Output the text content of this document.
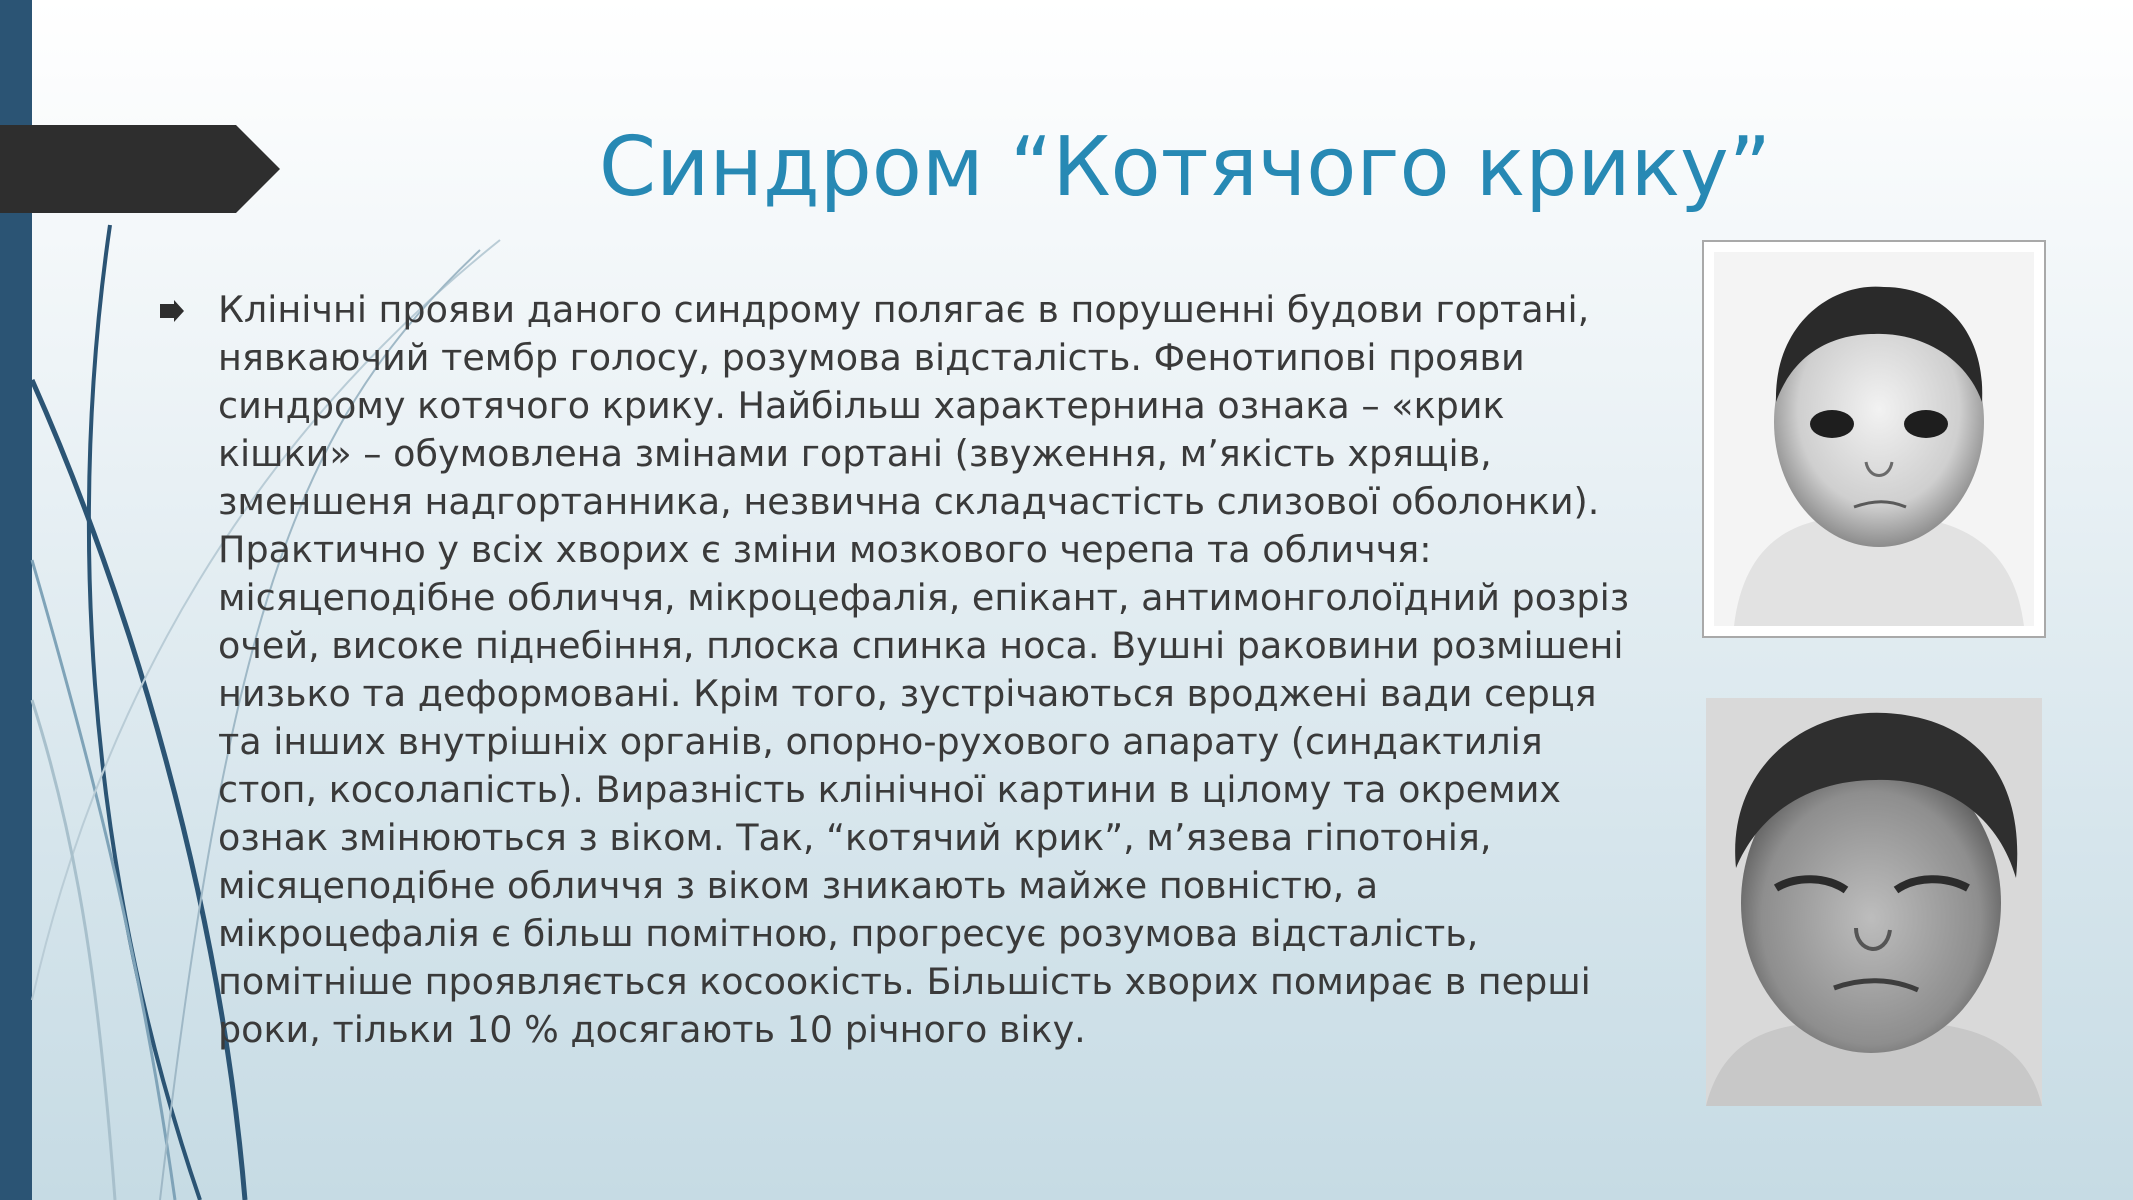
Синдром “Котячого крику”

Клінічні прояви даного синдрому полягає в порушенні будови гортані, нявкаючий тембр голосу, розумова відсталість. Фенотипові прояви синдрому котячого крику. Найбільш характернина ознака – «крик кішки» – обумовлена змінами гортані (звуження, м’якість хрящів, зменшеня надгортанника, незвична складчастість слизової оболонки). Практично у всіх хворих є зміни мозкового черепа та обличчя: місяцеподібне обличчя, мікроцефалія, епікант, антимонголоїдний розріз очей, високе піднебіння, плоска спинка носа. Вушні раковини розмішені низько та деформовані. Крім того, зустрічаються вроджені вади серця та інших внутрішніх органів, опорно-рухового апарату (синдактилія стоп, косолапість). Виразність клінічної картини в цілому та окремих ознак змінюються з віком. Так, “котячий крик”, м’язева гіпотонія, місяцеподібне обличчя з віком зникають майже повністю, а мікроцефалія є більш помітною, прогресує розумова відсталість, помітніше проявляється косоокість. Більшість хворих помирає в перші роки, тільки 10 % досягають 10 річного віку.
